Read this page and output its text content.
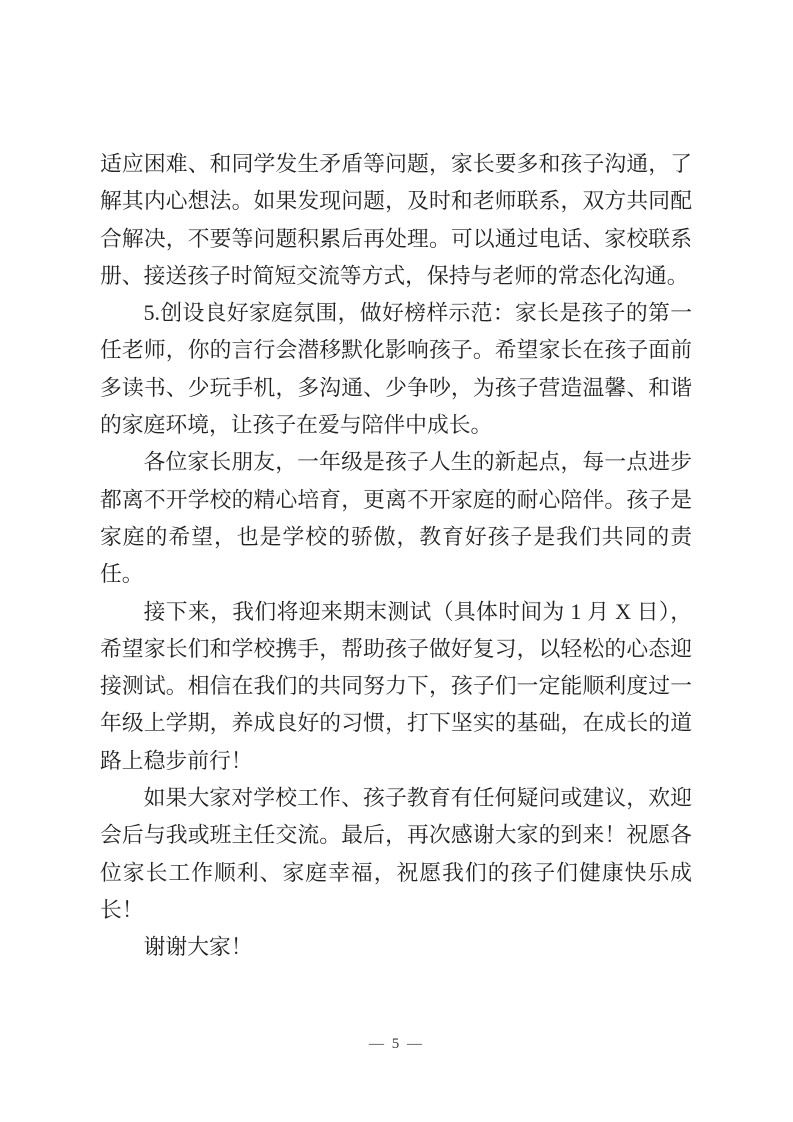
适应困难、和同学发生矛盾等问题，家长要多和孩子沟通，了解其内心想法。如果发现问题，及时和老师联系，双方共同配合解决，不要等问题积累后再处理。可以通过电话、家校联系册、接送孩子时简短交流等方式，保持与老师的常态化沟通。

5.创设良好家庭氛围，做好榜样示范：家长是孩子的第一任老师，你的言行会潜移默化影响孩子。希望家长在孩子面前多读书、少玩手机，多沟通、少争吵，为孩子营造温馨、和谐的家庭环境，让孩子在爱与陪伴中成长。

各位家长朋友，一年级是孩子人生的新起点，每一点进步都离不开学校的精心培育，更离不开家庭的耐心陪伴。孩子是家庭的希望，也是学校的骄傲，教育好孩子是我们共同的责任。

接下来，我们将迎来期末测试（具体时间为 1 月 X 日），希望家长们和学校携手，帮助孩子做好复习，以轻松的心态迎接测试。相信在我们的共同努力下，孩子们一定能顺利度过一年级上学期，养成良好的习惯，打下坚实的基础，在成长的道路上稳步前行！

如果大家对学校工作、孩子教育有任何疑问或建议，欢迎会后与我或班主任交流。最后，再次感谢大家的到来！祝愿各位家长工作顺利、家庭幸福，祝愿我们的孩子们健康快乐成长！

谢谢大家！

— 5 —
